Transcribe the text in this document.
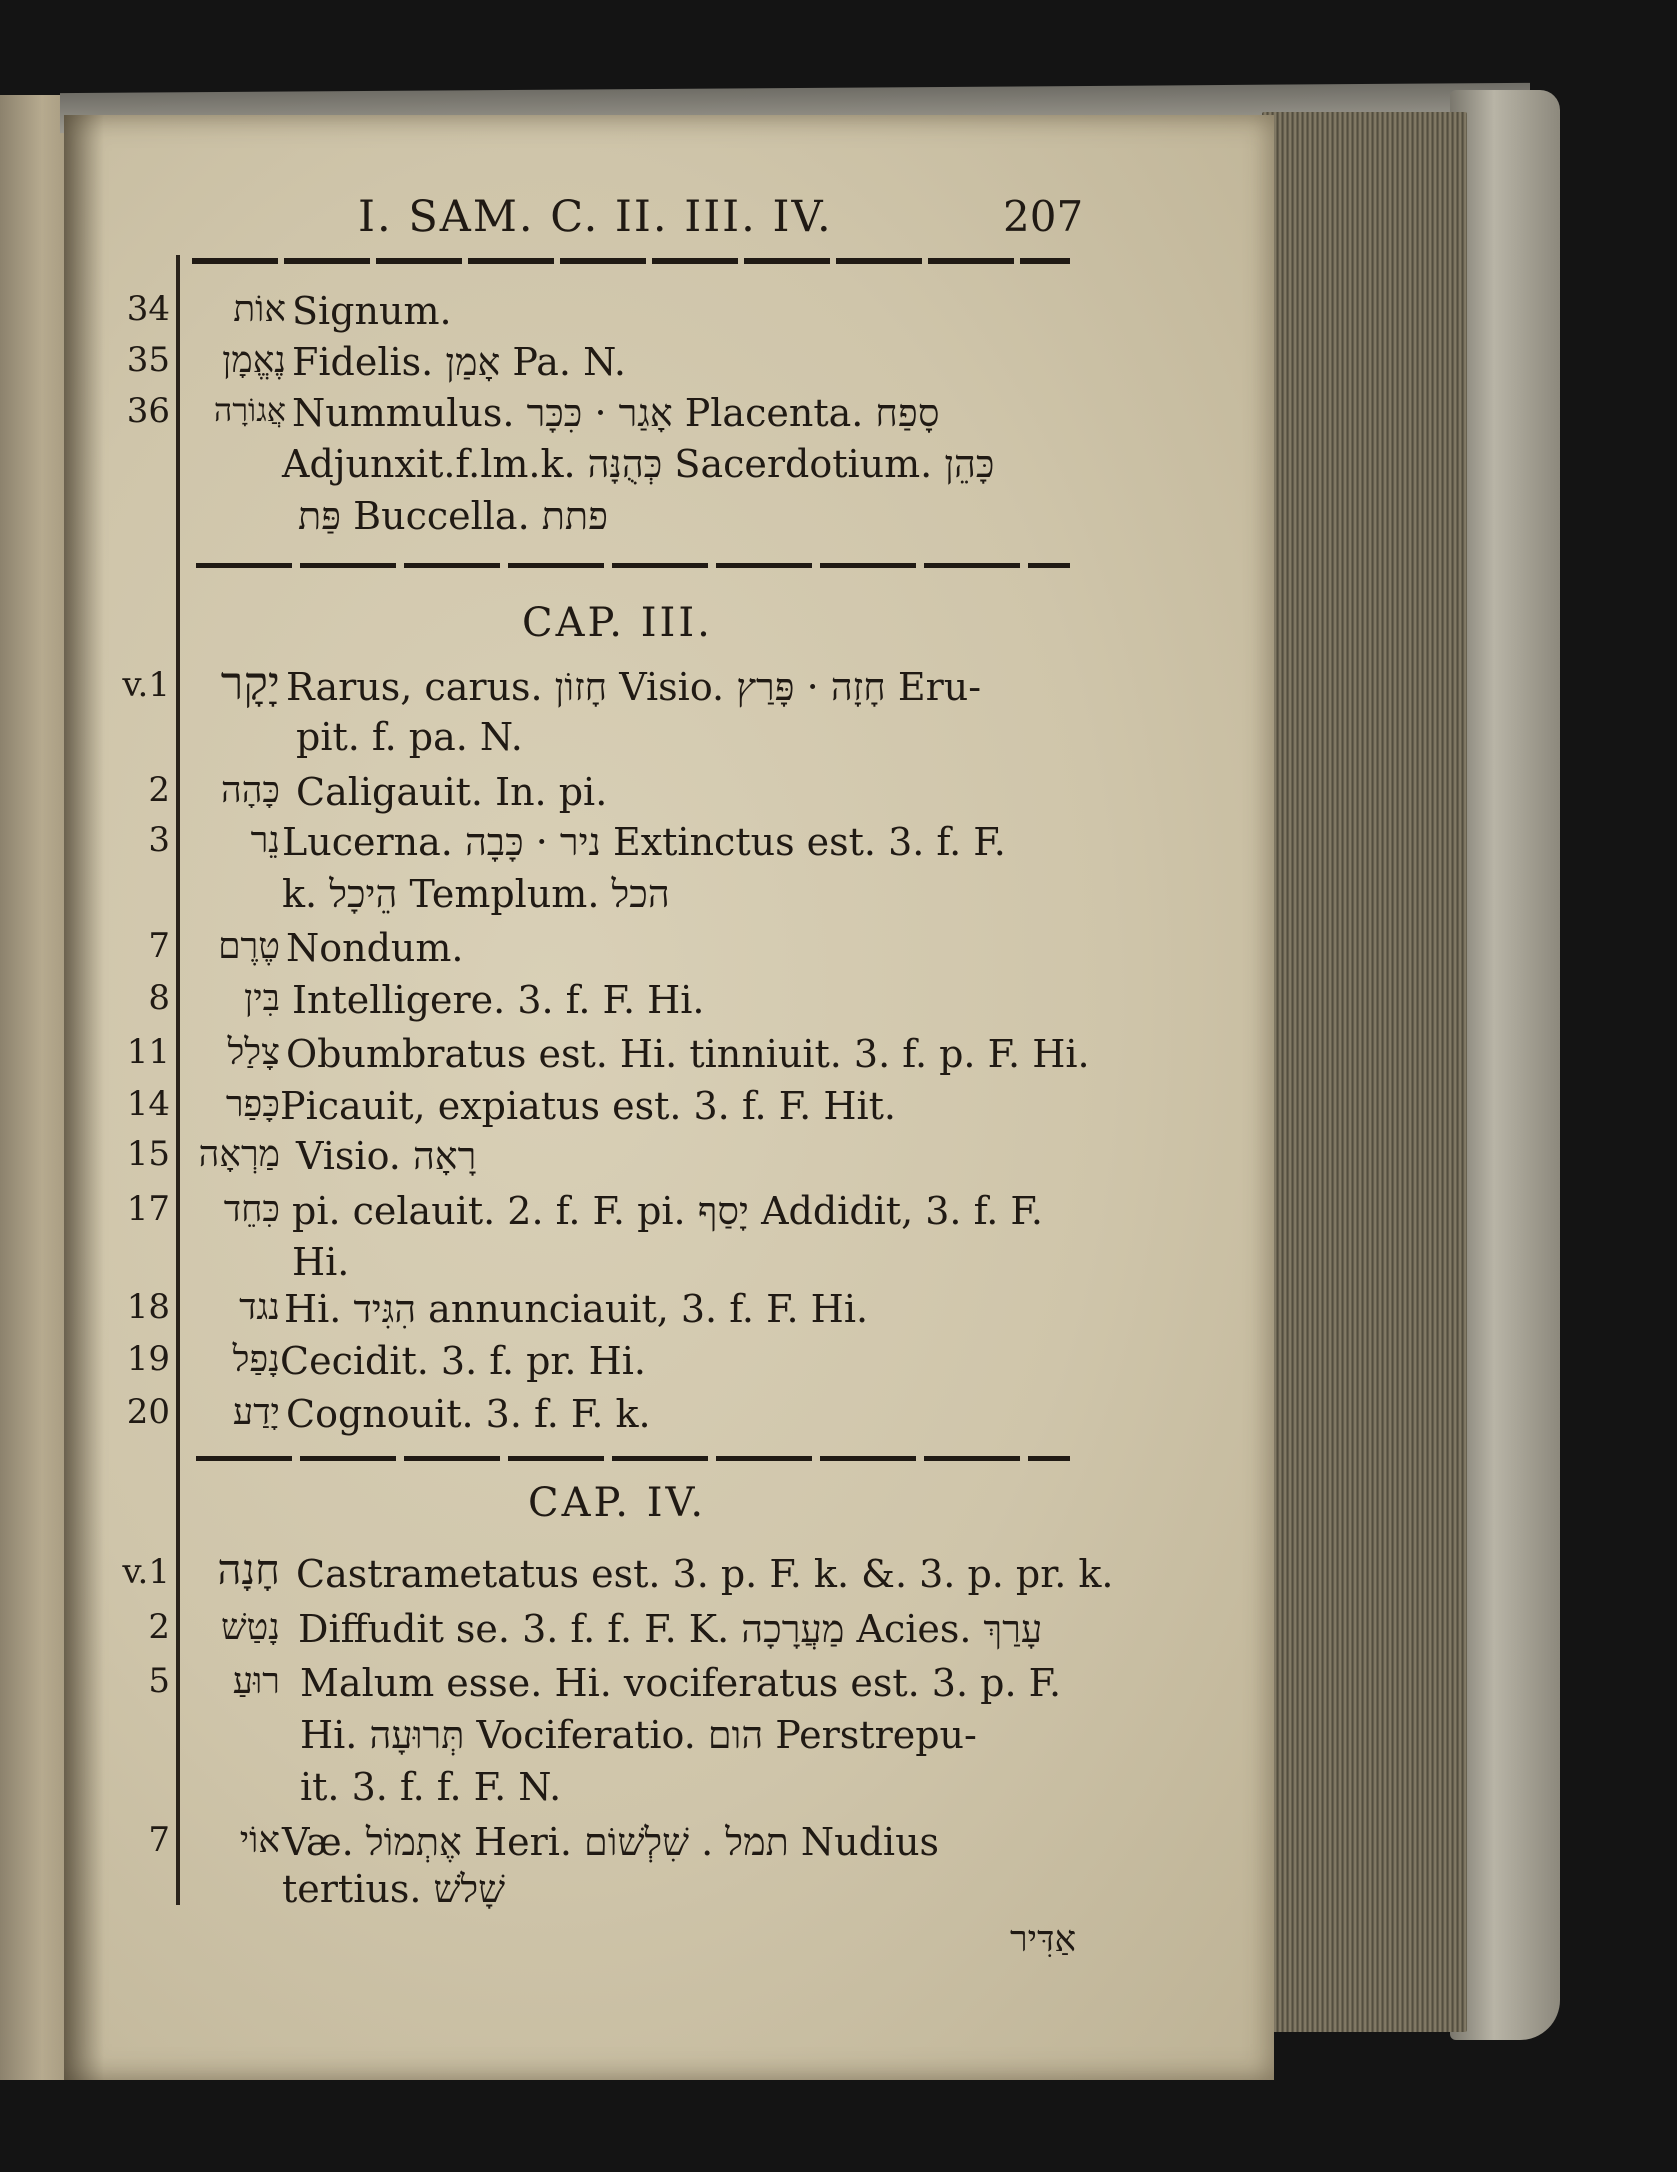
I. SAM. C. II. III. IV.	207
34	אוֹת Signum.
35	נֶאֱמָן Fidelis. אָמַן Pa. N.
36	אֲגוֹרָה Nummulus. אָגַר · כִּכָּר Placenta. סָפַח
Adjunxit.f.lm.k. כְּהֻנָּה Sacerdotium. כָּהֵן
פַּת Buccella. פתת
CAP. III.
v.1	יָקָר Rarus, carus. חָזוֹן Visio. חָזָה · פָּרַץ Eru-
pit. f. pa. N.
2	כָּהָה Caligauit. In. pi.
3	נֵר Lucerna. ניר · כָּבָה Extinctus est. 3. f. F.
k. הֵיכָל Templum. הכל
7	טֶרֶם Nondum.
8	בִּין Intelligere. 3. f. F. Hi.
11	צָלַל Obumbratus est. Hi. tinniuit. 3. f. p. F. Hi.
14	כָּפַר Picauit, expiatus est. 3. f. F. Hit.
15 מַרְאָה Visio. רָאָה
17	כִּחֵד pi. celauit. 2. f. F. pi. יָסַף Addidit, 3. f. F.
Hi.
18	נגד Hi. הִגִּיד annunciauit, 3. f. F. Hi.
19	נָפַל Cecidit. 3. f. pr. Hi.
20	יָדַע Cognouit. 3. f. F. k.
CAP. IV.
v.1	חָנָה Castrametatus est. 3. p. F. k. &. 3. p. pr. k.
2	נָטַשׁ Diffudit se. 3. f. f. F. K. מַעֲרָכָה Acies. עָרַךְ
5	רוּעַ Malum esse. Hi. vociferatus est. 3. p. F.
Hi. תְּרוּעָה Vociferatio. הום Perstrepu-
it. 3. f. f. F. N.
7	אוֹי Væ. אֶתְמוֹל Heri. תמל . שִׁלְשׁוֹם Nudius
tertius. שָׁלֹשׁ
אַדִּיר
